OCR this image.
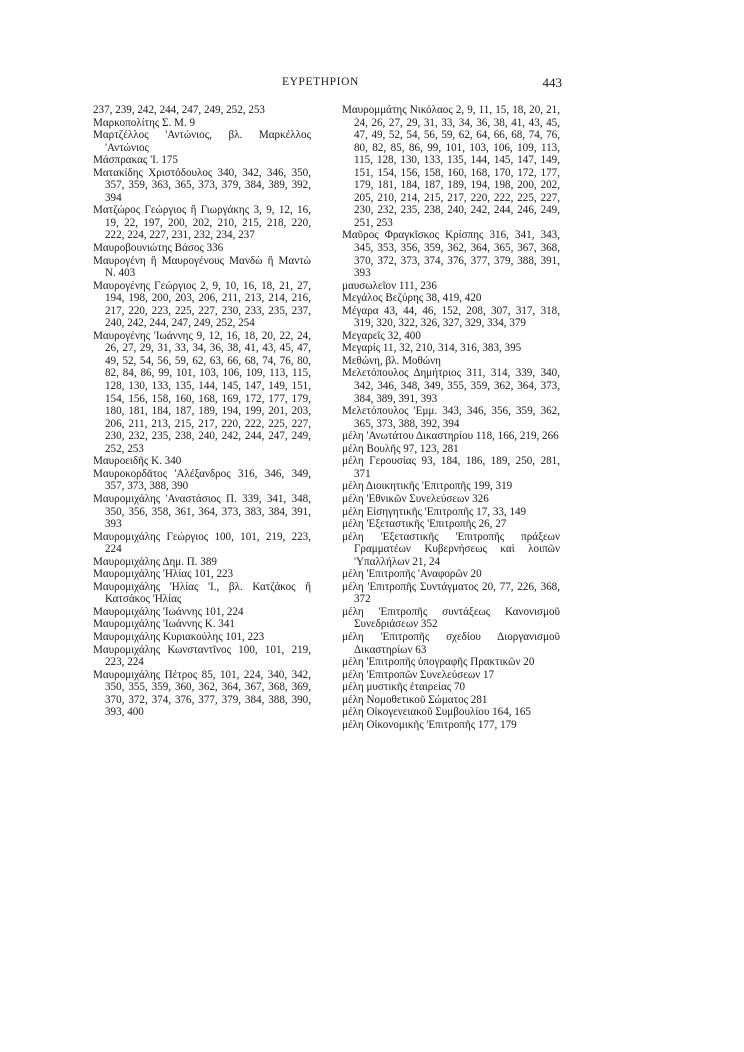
ΕΥΡΕΤΗΡΙΟΝ	443

237, 239, 242, 244, 247, 249, 252, 253

Μαρκοπολίτης Σ. Μ. 9

Μαρτζέλλος 'Αντώνιος, βλ. Μαρκέλλος 'Αντώνιος

Μάσπρακας 'Ι. 175

Ματακίδης Χριστόδουλος 340, 342, 346, 350, 357, 359, 363, 365, 373, 379, 384, 389, 392, 394

Ματζώρος Γεώργιος ἢ Γιωργάκης 3, 9, 12, 16, 19, 22, 197, 200, 202, 210, 215, 218, 220, 222, 224, 227, 231, 232, 234, 237

Μαυροβουνιώτης Βάσος 336

Μαυρογένη ἢ Μαυρογένους Μανδὼ ἢ Μαντὼ Ν. 403

Μαυρογένης Γεώργιος 2, 9, 10, 16, 18, 21, 27, 194, 198, 200, 203, 206, 211, 213, 214, 216, 217, 220, 223, 225, 227, 230, 233, 235, 237, 240, 242, 244, 247, 249, 252, 254

Μαυρογένης 'Ιωάννης 9, 12, 16, 18, 20, 22, 24, 26, 27, 29, 31, 33, 34, 36, 38, 41, 43, 45, 47, 49, 52, 54, 56, 59, 62, 63, 66, 68, 74, 76, 80, 82, 84, 86, 99, 101, 103, 106, 109, 113, 115, 128, 130, 133, 135, 144, 145, 147, 149, 151, 154, 156, 158, 160, 168, 169, 172, 177, 179, 180, 181, 184, 187, 189, 194, 199, 201, 203, 206, 211, 213, 215, 217, 220, 222, 225, 227, 230, 232, 235, 238, 240, 242, 244, 247, 249, 252, 253

Μαυροειδῆς Κ. 340

Μαυροκορδᾶτος 'Αλέξανδρος 316, 346, 349, 357, 373, 388, 390

Μαυρομιχάλης 'Αναστάσιος Π. 339, 341, 348, 350, 356, 358, 361, 364, 373, 383, 384, 391, 393

Μαυρομιχάλης Γεώργιος 100, 101, 219, 223, 224

Μαυρομιχάλης Δημ. Π. 389

Μαυρομιχάλης 'Ηλίας 101, 223

Μαυρομιχάλης 'Ηλίας 'Ι., βλ. Κατζάκος ἢ Κατσάκος 'Ηλίας

Μαυρομιχάλης 'Ιωάννης 101, 224

Μαυρομιχάλης 'Ιωάννης Κ. 341

Μαυρομιχάλης Κυριακούλης 101, 223

Μαυρομιχάλης Κωνσταντῖνος 100, 101, 219, 223, 224

Μαυρομιχάλης Πέτρος 85, 101, 224, 340, 342, 350, 355, 359, 360, 362, 364, 367, 368, 369, 370, 372, 374, 376, 377, 379, 384, 388, 390, 393, 400

Μαυρομμάτης Νικόλαος 2, 9, 11, 15, 18, 20, 21, 24, 26, 27, 29, 31, 33, 34, 36, 38, 41, 43, 45, 47, 49, 52, 54, 56, 59, 62, 64, 66, 68, 74, 76, 80, 82, 85, 86, 99, 101, 103, 106, 109, 113, 115, 128, 130, 133, 135, 144, 145, 147, 149, 151, 154, 156, 158, 160, 168, 170, 172, 177, 179, 181, 184, 187, 189, 194, 198, 200, 202, 205, 210, 214, 215, 217, 220, 222, 225, 227, 230, 232, 235, 238, 240, 242, 244, 246, 249, 251, 253

Μαῦρος Φραγκῖσκος Κρίσπης 316, 341, 343, 345, 353, 356, 359, 362, 364, 365, 367, 368, 370, 372, 373, 374, 376, 377, 379, 388, 391, 393

μαυσωλεῖον 111, 236

Μεγάλος Βεζύρης 38, 419, 420

Μέγαρα 43, 44, 46, 152, 208, 307, 317, 318, 319, 320, 322, 326, 327, 329, 334, 379

Μεγαρεῖς 32, 400

Μεγαρίς 11, 32, 210, 314, 316, 383, 395

Μεθώνη, βλ. Μοθώνη

Μελετόπουλος Δημήτριος 311, 314, 339, 340, 342, 346, 348, 349, 355, 359, 362, 364, 373, 384, 389, 391, 393

Μελετόπουλος 'Εμμ. 343, 346, 356, 359, 362, 365, 373, 388, 392, 394

μέλη 'Ανωτάτου Δικαστηρίου 118, 166, 219, 266

μέλη Βουλῆς 97, 123, 281

μέλη Γερουσίας 93, 184, 186, 189, 250, 281, 371

μέλη Διοικητικῆς 'Επιτροπῆς 199, 319

μέλη 'Εθνικῶν Συνελεύσεων 326

μέλη Εἰσηγητικῆς 'Επιτροπῆς 17, 33, 149

μέλη 'Εξεταστικῆς 'Επιτροπῆς 26, 27

μέλη 'Εξεταστικῆς 'Επιτροπῆς πράξεων Γραμματέων Κυβερνήσεως καὶ λοιπῶν 'Υπαλλήλων 21, 24

μέλη 'Επιτροπῆς 'Αναφορῶν 20

μέλη 'Επιτροπῆς Συντάγματος 20, 77, 226, 368, 372

μέλη 'Επιτροπῆς συντάξεως Κανονισμοῦ Συνεδριάσεων 352

μέλη 'Επιτροπῆς σχεδίου Διοργανισμοῦ Δικαστηρίων 63

μέλη 'Επιτροπῆς ὑπογραφῆς Πρακτικῶν 20

μέλη 'Επιτροπῶν Συνελεύσεων 17

μέλη μυστικῆς ἑταιρείας 70

μέλη Νομοθετικοῦ Σώματος 281

μέλη Οἰκογενειακοῦ Συμβουλίου 164, 165

μέλη Οἰκονομικῆς 'Επιτροπῆς 177, 179
